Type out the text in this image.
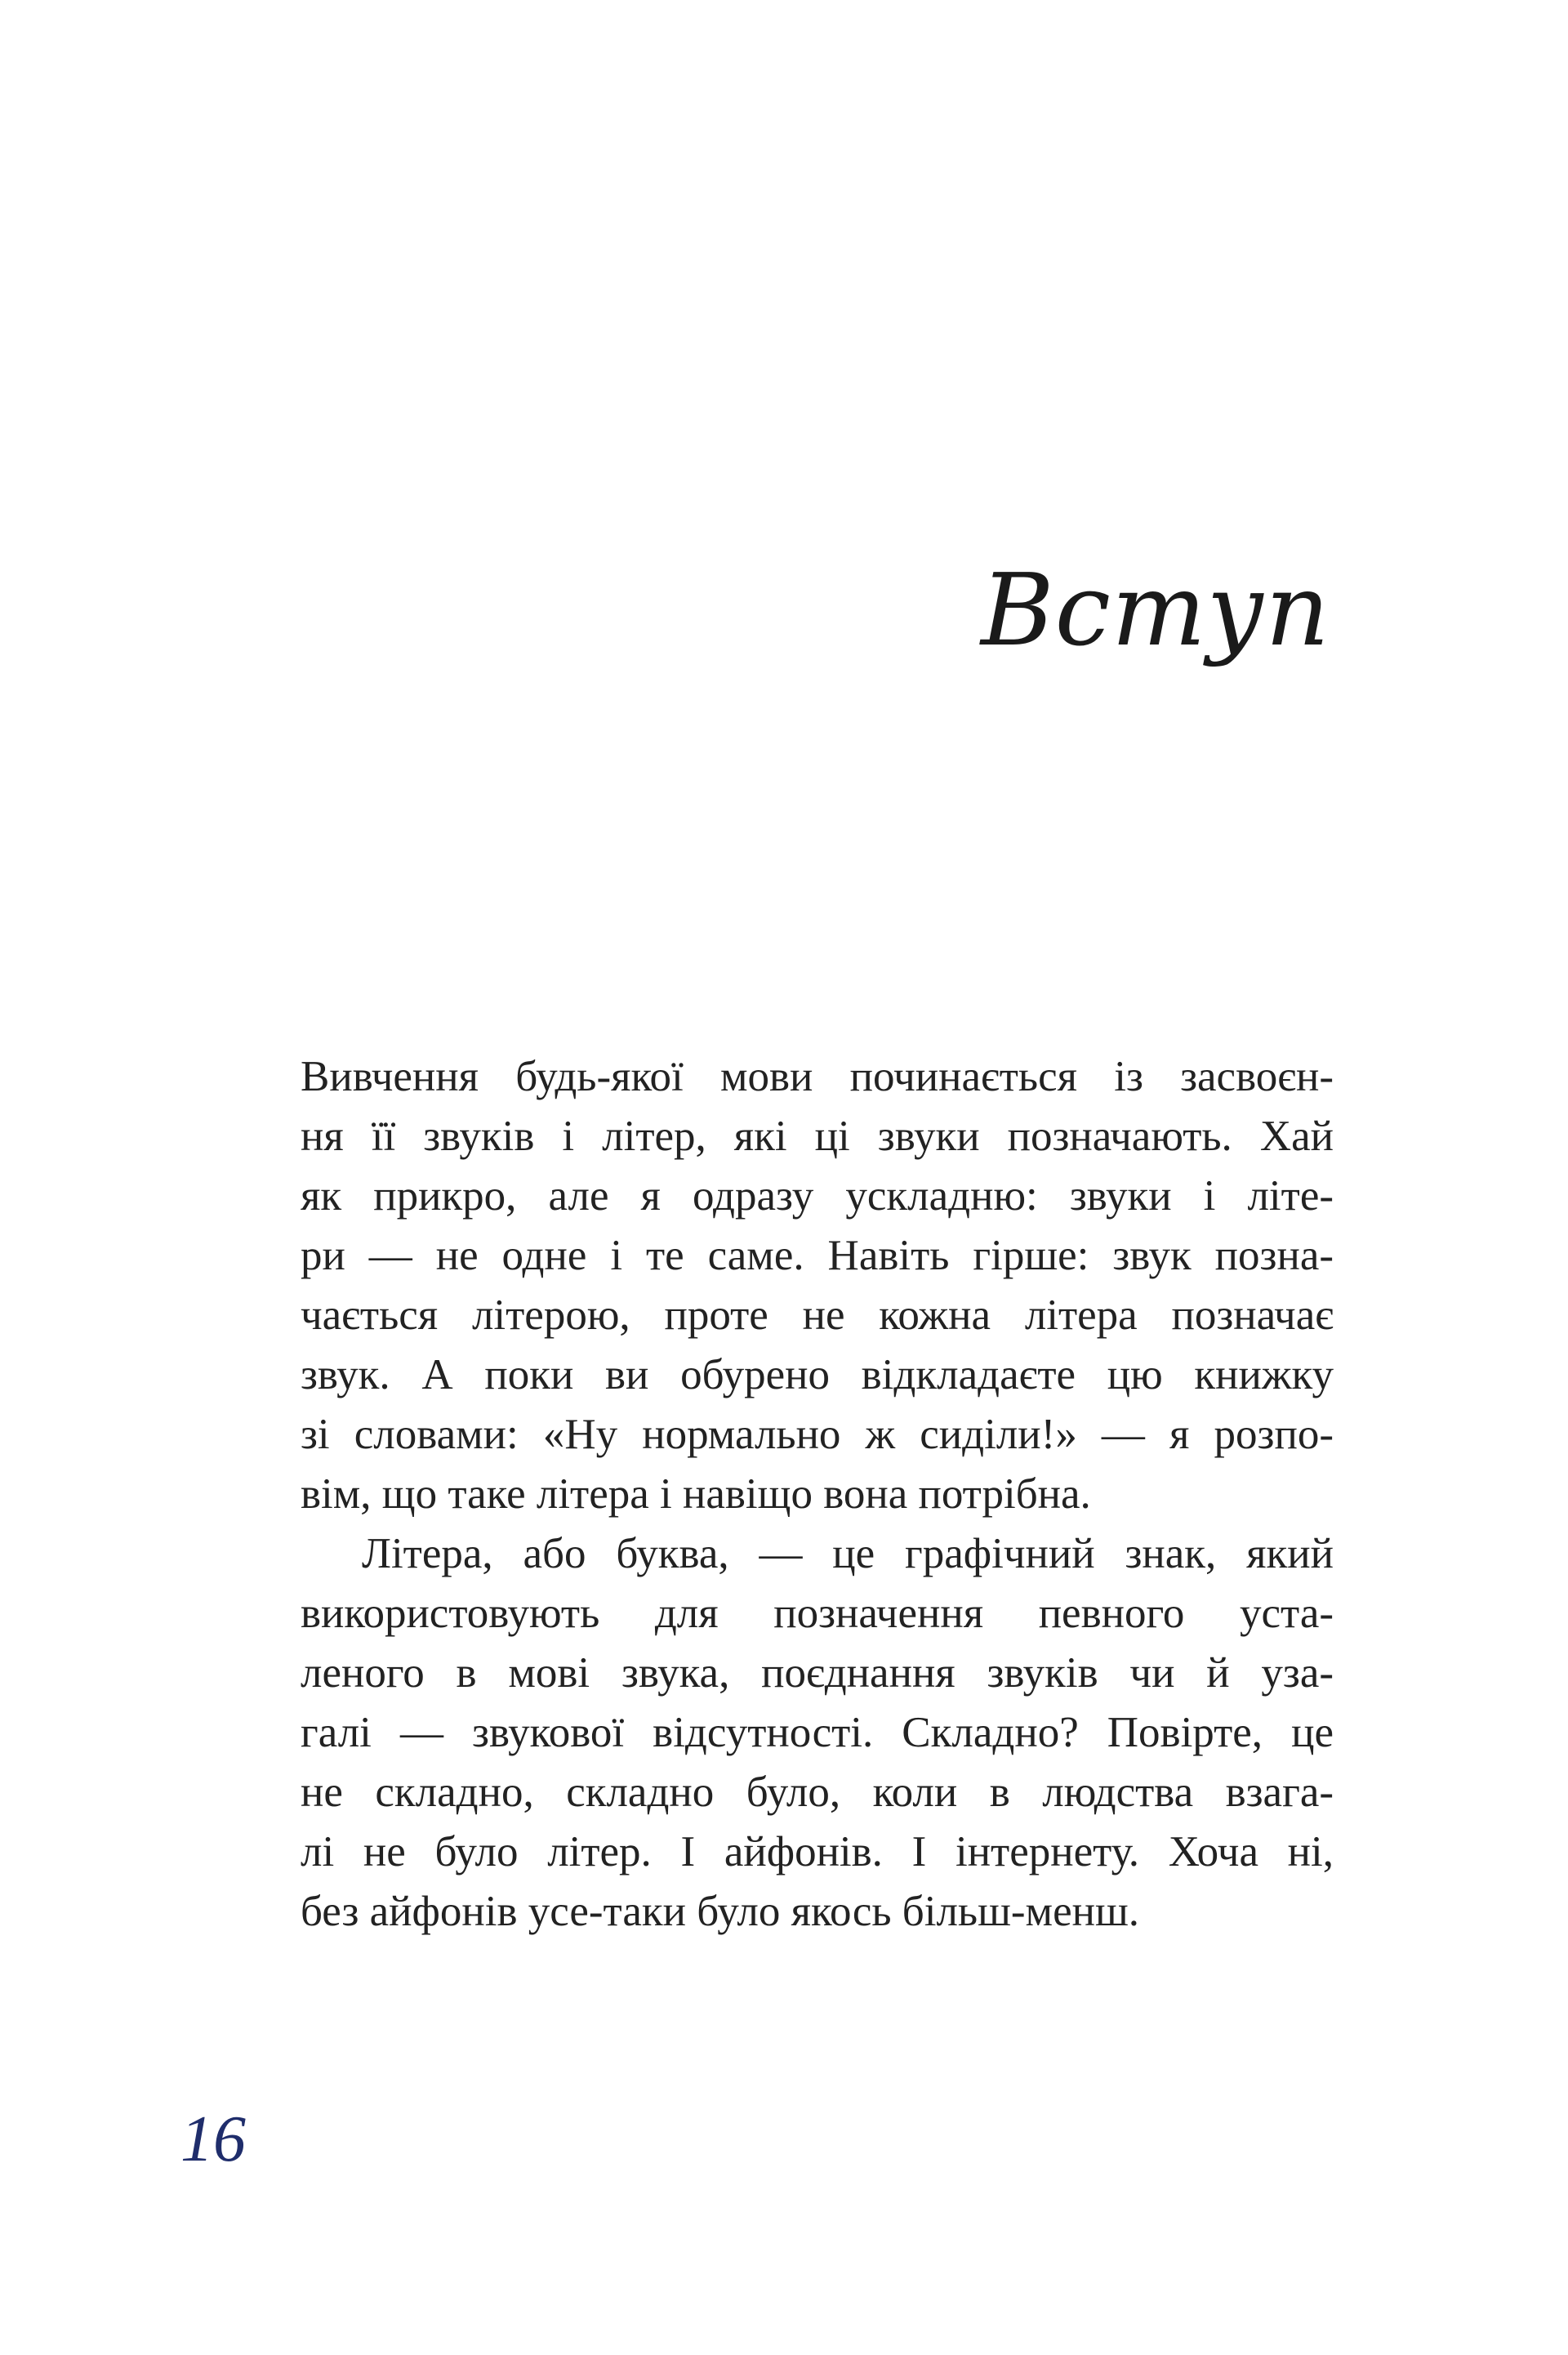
Вступ
Вивчення будь-якої мови починається із засвоєн-
ня її звуків і літер, які ці звуки позначають. Хай
як прикро, але я одразу ускладню: звуки і літе-
ри — не одне і те саме. Навіть гірше: звук позна-
чається літерою, проте не кожна літера позначає
звук. А поки ви обурено відкладаєте цю книжку
зі словами: «Ну нормально ж сиділи!» — я розпо-
вім, що таке літера і навіщо вона потрібна.
Літера, або буква, — це графічний знак, який
використовують для позначення певного уста-
леного в мові звука, поєднання звуків чи й уза-
галі — звукової відсутності. Складно? Повірте, це
не складно, складно було, коли в людства взага-
лі не було літер. І айфонів. І інтернету. Хоча ні,
без айфонів усе-таки було якось більш-менш.
16
